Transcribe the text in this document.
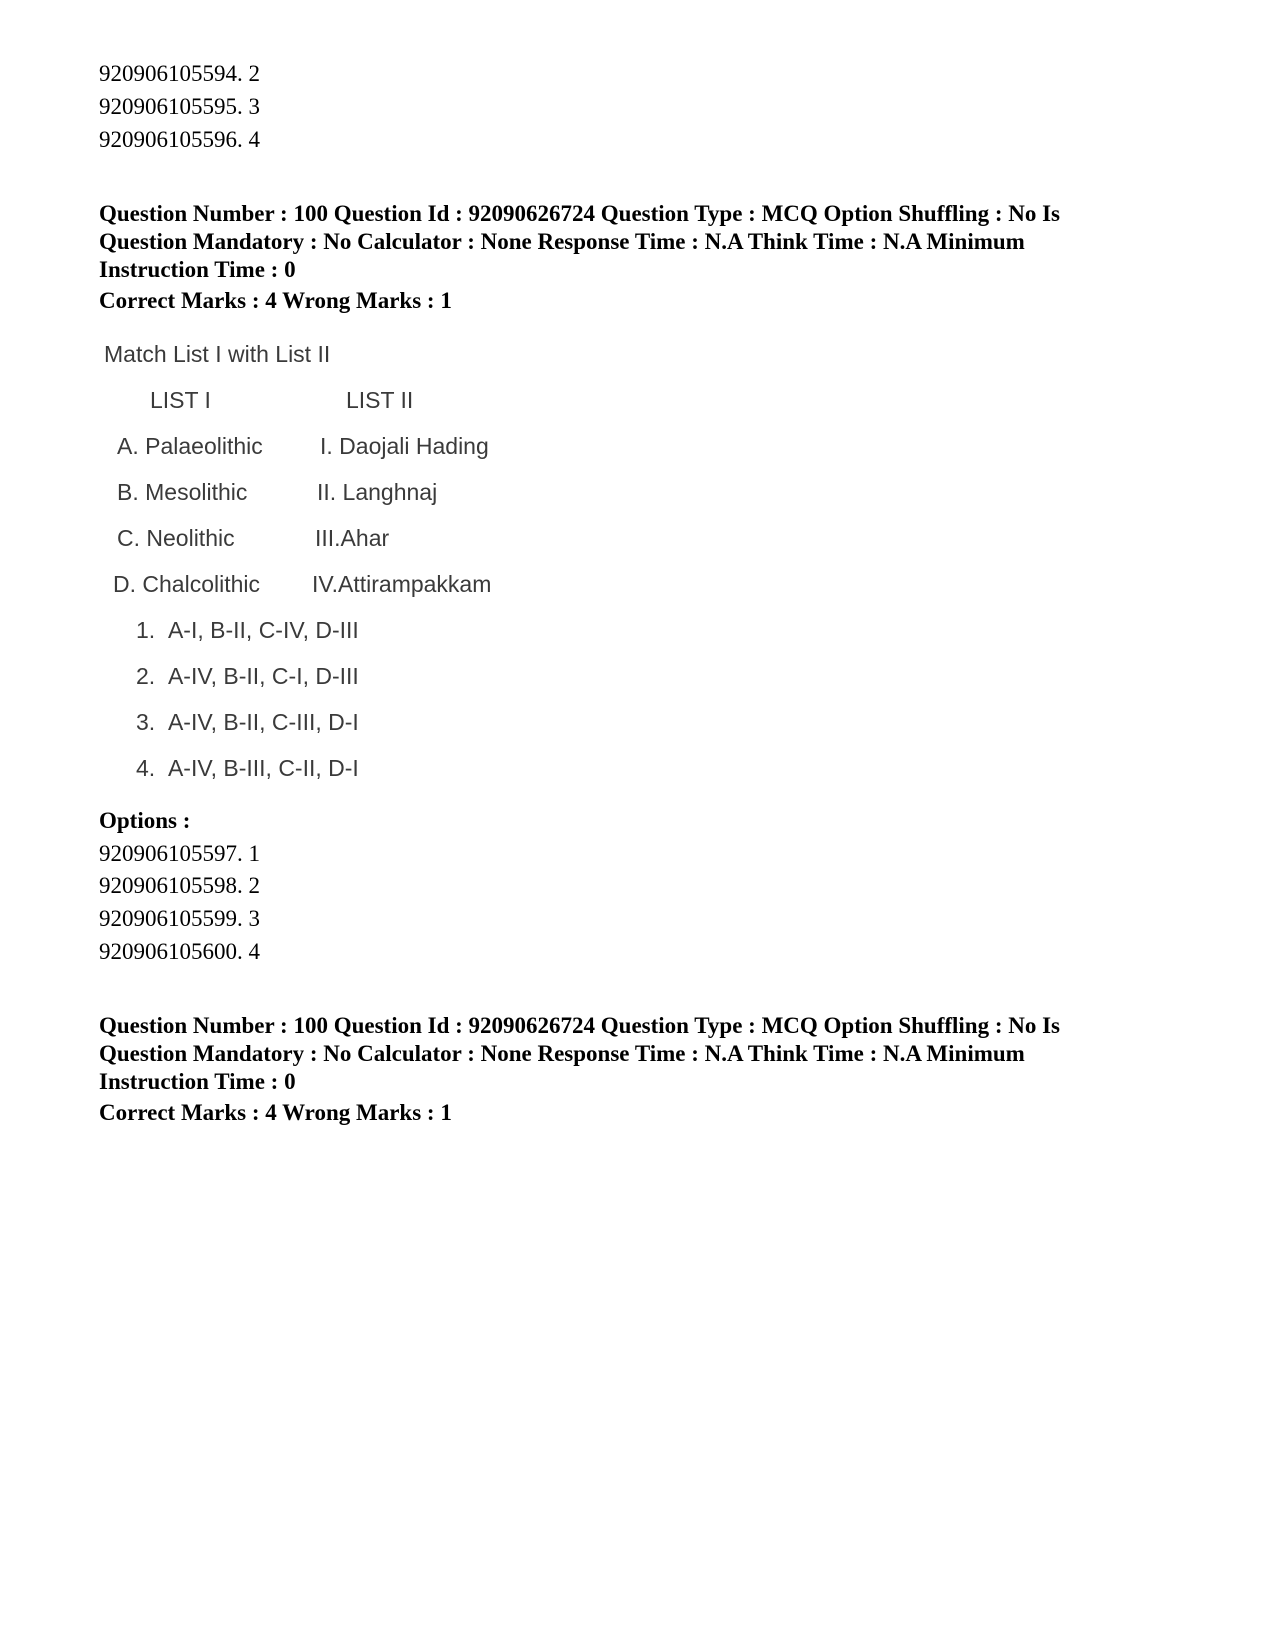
920906105594. 2
920906105595. 3
920906105596. 4
Question Number : 100 Question Id : 92090626724 Question Type : MCQ Option Shuffling : No Is
Question Mandatory : No Calculator : None Response Time : N.A Think Time : N.A Minimum
Instruction Time : 0
Correct Marks : 4 Wrong Marks : 1
Match List I with List II
LIST I	LIST II
A. Palaeolithic I. Daojali Hading
B. Mesolithic	II. Langhnaj
C. Neolithic	III.Ahar
D. Chalcolithic IV.Attirampakkam
1. A-I, B-II, C-IV, D-III
2. A-IV, B-II, C-I, D-III
3. A-IV, B-II, C-III, D-I
4. A-IV, B-III, C-II, D-I
Options :
920906105597. 1
920906105598. 2
920906105599. 3
920906105600. 4
Question Number : 100 Question Id : 92090626724 Question Type : MCQ Option Shuffling : No Is
Question Mandatory : No Calculator : None Response Time : N.A Think Time : N.A Minimum
Instruction Time : 0
Correct Marks : 4 Wrong Marks : 1
